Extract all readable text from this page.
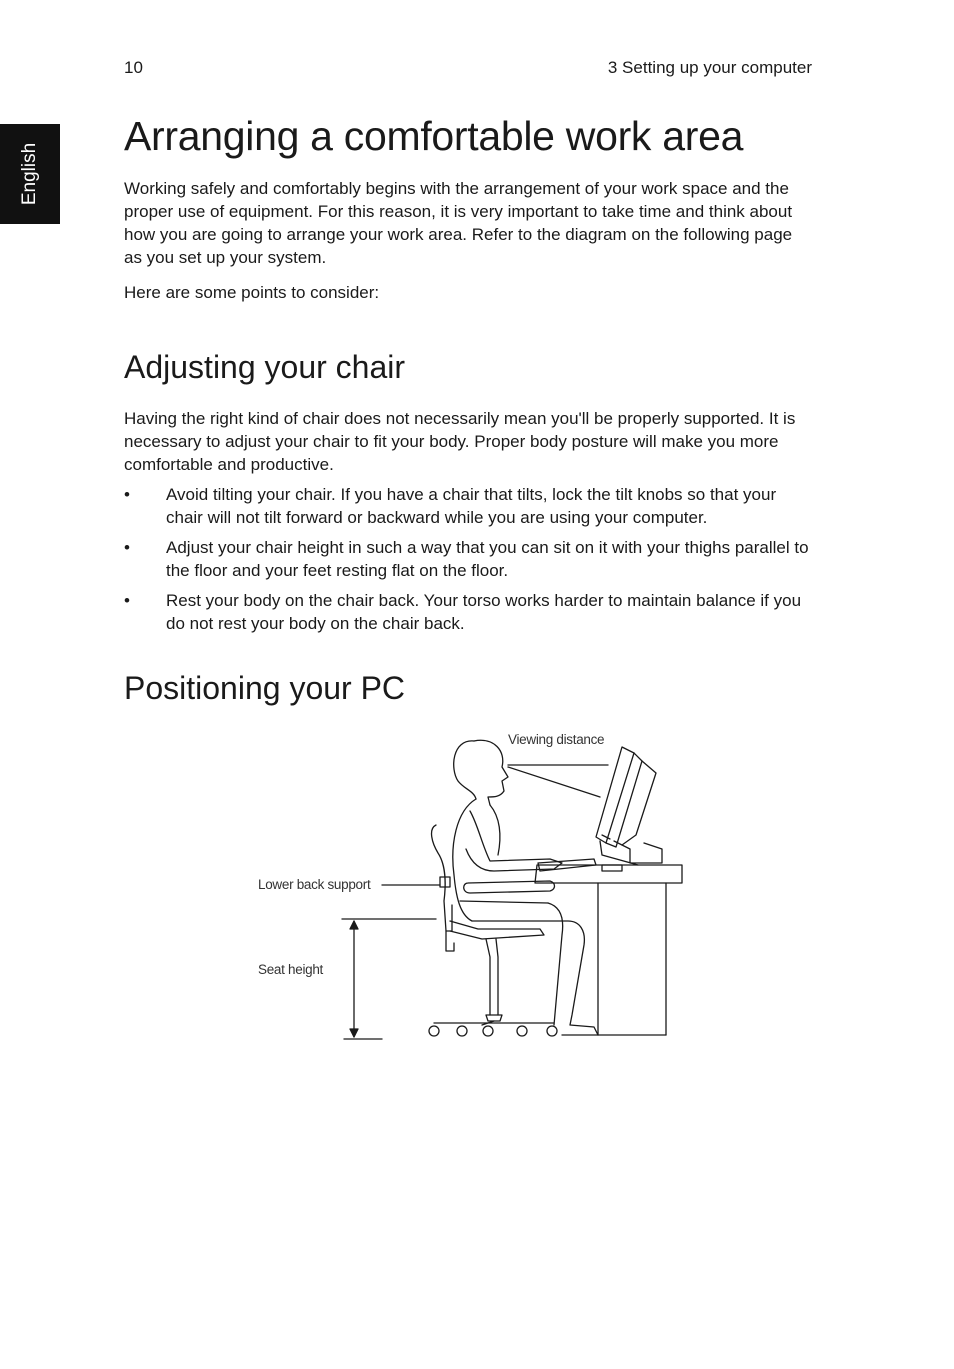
10	3 Setting up your computer
English
Arranging a comfortable work area

Working safely and comfortably begins with the arrangement of your work space and the proper use of equipment. For this reason, it is very important to take time and think about how you are going to arrange your work area. Refer to the diagram on the following page as you set up your system.

Here are some points to consider:

Adjusting your chair

Having the right kind of chair does not necessarily mean you'll be properly supported. It is necessary to adjust your chair to fit your body. Proper body posture will make you more comfortable and productive.

• Avoid tilting your chair. If you have a chair that tilts, lock the tilt knobs so that your chair will not tilt forward or backward while you are using your computer.
• Adjust your chair height in such a way that you can sit on it with your thighs parallel to the floor and your feet resting flat on the floor.
• Rest your body on the chair back. Your torso works harder to maintain balance if you do not rest your body on the chair back.
Positioning your PC
Viewing distance
Lower back support
Seat height
